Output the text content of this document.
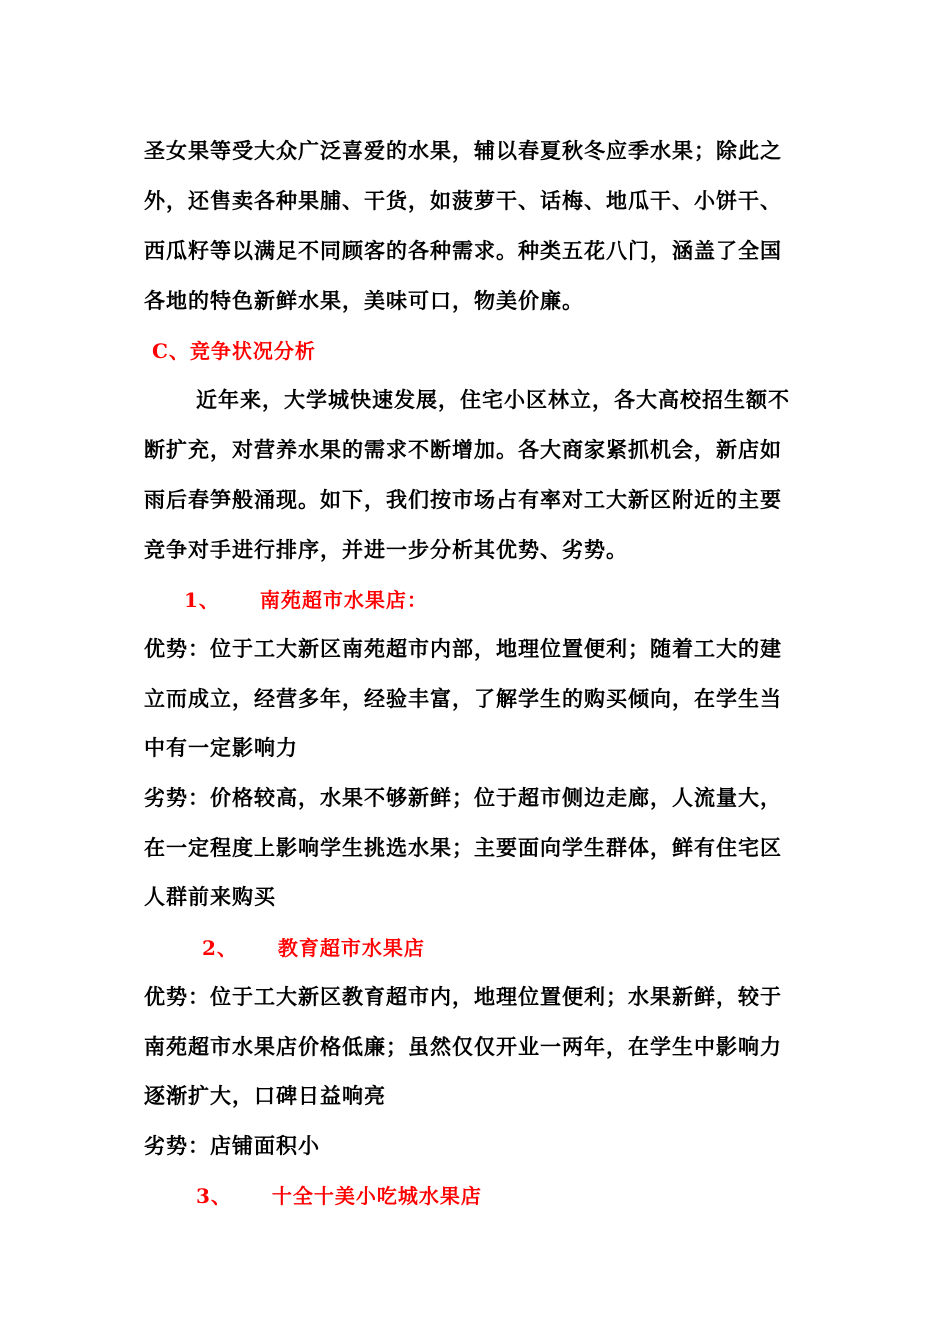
圣女果等受大众广泛喜爱的水果，辅以春夏秋冬应季水果；除此之
外，还售卖各种果脯、干货，如菠萝干、话梅、地瓜干、小饼干、
西瓜籽等以满足不同顾客的各种需求。种类五花八门，涵盖了全国
各地的特色新鲜水果，美味可口，物美价廉。
C、竞争状况分析
近年来，大学城快速发展，住宅小区林立，各大高校招生额不
断扩充，对营养水果的需求不断增加。各大商家紧抓机会，新店如
雨后春笋般涌现。如下，我们按市场占有率对工大新区附近的主要
竞争对手进行排序，并进一步分析其优势、劣势。
1、 南苑超市水果店：
优势：位于工大新区南苑超市内部，地理位置便利；随着工大的建
立而成立，经营多年，经验丰富，了解学生的购买倾向，在学生当
中有一定影响力
劣势：价格较高，水果不够新鲜；位于超市侧边走廊，人流量大，
在一定程度上影响学生挑选水果；主要面向学生群体，鲜有住宅区
人群前来购买
2、 教育超市水果店
优势：位于工大新区教育超市内，地理位置便利；水果新鲜，较于
南苑超市水果店价格低廉；虽然仅仅开业一两年，在学生中影响力
逐渐扩大，口碑日益响亮
劣势：店铺面积小
3、 十全十美小吃城水果店
